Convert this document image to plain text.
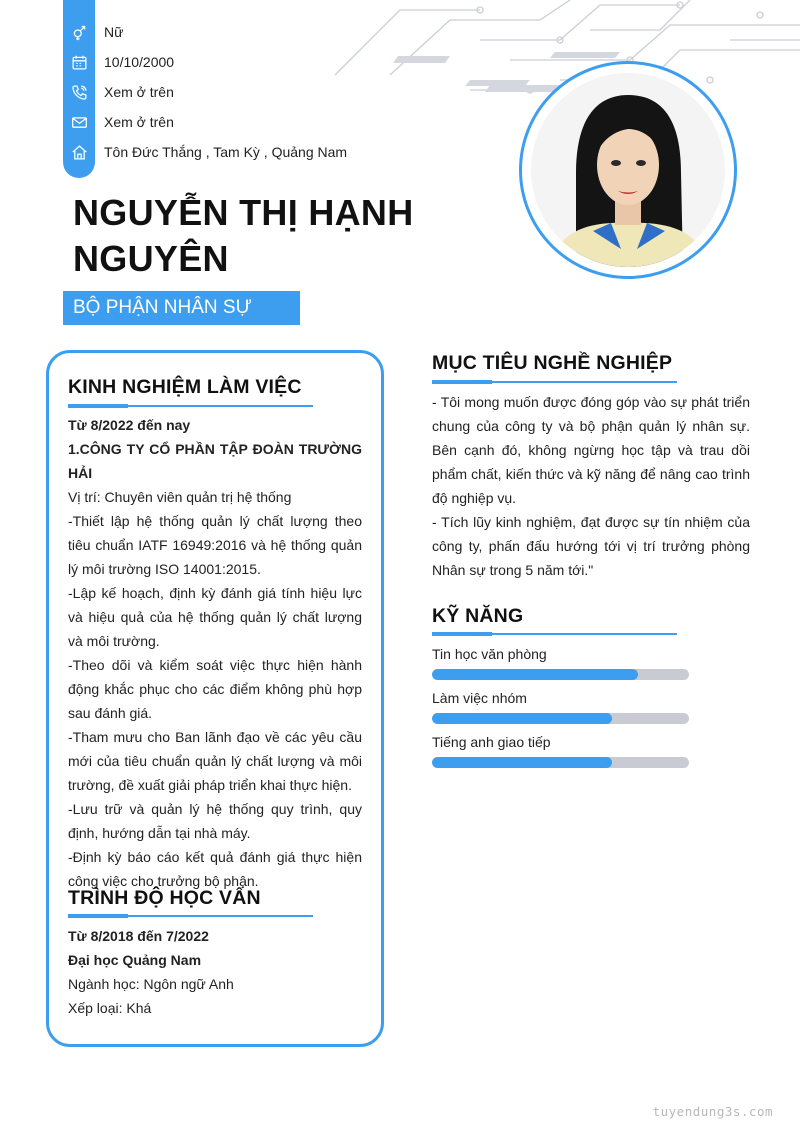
Nữ
10/10/2000
Xem ở trên
Xem ở trên
Tôn Đức Thắng , Tam Kỳ , Quảng Nam
NGUYỄN THỊ HẠNH
NGUYÊN
BỘ PHẬN NHÂN SỰ
KINH NGHIỆM LÀM VIỆC

Từ 8/2022 đến nay

1.CÔNG TY CỔ PHẦN TẬP ĐOÀN TRƯỜNG HẢI

Vị trí: Chuyên viên quản trị hệ thống

-Thiết lập hệ thống quản lý chất lượng theo tiêu chuẩn IATF 16949:2016 và hệ thống quản lý môi trường ISO 14001:2015.

-Lập kế hoạch, định kỳ đánh giá tính hiệu lực và hiệu quả của hệ thống quản lý chất lượng và môi trường.

-Theo dõi và kiểm soát việc thực hiện hành động khắc phục cho các điểm không phù hợp sau đánh giá.

-Tham mưu cho Ban lãnh đạo về các yêu cầu mới của tiêu chuẩn quản lý chất lượng và môi trường, đề xuất giải pháp triển khai thực hiện.

-Lưu trữ và quản lý hệ thống quy trình, quy định, hướng dẫn tại nhà máy.

-Định kỳ báo cáo kết quả đánh giá thực hiện công việc cho trưởng bộ phận.

TRÌNH ĐỘ HỌC VẤN

Từ 8/2018 đến 7/2022

Đại học Quảng Nam

Ngành học: Ngôn ngữ Anh

Xếp loại: Khá

MỤC TIÊU NGHỀ NGHIỆP

- Tôi mong muốn được đóng góp vào sự phát triển chung của công ty và bộ phận quản lý nhân sự. Bên cạnh đó, không ngừng học tập và trau dồi phẩm chất, kiến thức và kỹ năng để nâng cao trình độ nghiệp vụ.

- Tích lũy kinh nghiệm, đạt được sự tín nhiệm của công ty, phấn đấu hướng tới vị trí trưởng phòng Nhân sự trong 5 năm tới."

KỸ NĂNG
Tin học văn phòng
Làm việc nhóm
Tiếng anh giao tiếp
tuyendung3s.com
